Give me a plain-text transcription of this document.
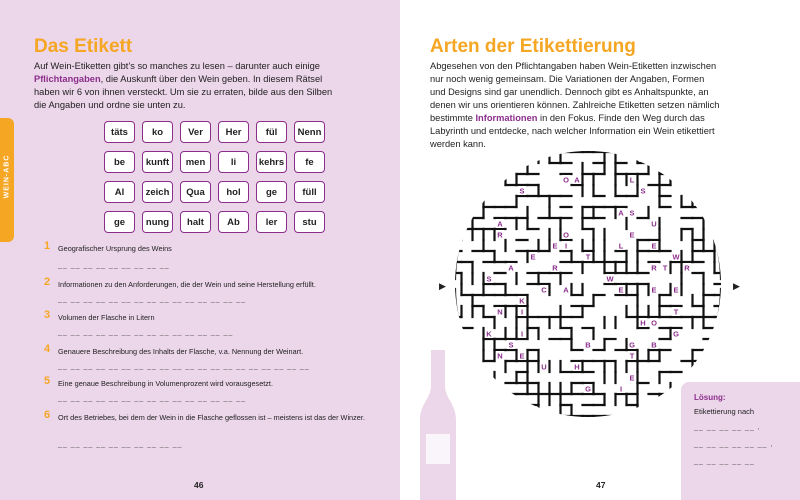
WEIN-ABC
Das Etikett
Auf Wein-Etiketten gibt’s so manches zu lesen – darunter auch einige
Pflichtangaben, die Auskunft über den Wein geben. In diesem Rätsel
haben wir 6 von ihnen versteckt. Um sie zu erraten, bilde aus den Silben
die Angaben und ordne sie unten zu.
täts	ko	Ver	Her	fül	Nenn
be	kunft	men	li	kehrs	fe
Al	zeich	Qua	hol	ge	füll
ge	nung	halt	Ab	ler	stu
1 Geografischer Ursprung des Weins
__ __ __ __ __ __ __ __ __
2 Informationen zu den Anforderungen, die der Wein und seine Herstellung erfüllt.
__ __ __ __ __ __ __ __ __ __ __ __ __ __ __
3 Volumen der Flasche in Litern
__ __ __ __ __ __ __ __ __ __ __ __ __ __
4 Genauere Beschreibung des Inhalts der Flasche, v.a. Nennung der Weinart.
__ __ __ __ __ __ __ __ __ __ __ __ __ __ __ __ __ __ __ __
5 Eine genaue Beschreibung in Volumenprozent wird vorausgesetzt.
__ __ __ __ __ __ __ __ __ __ __ __ __ __ __
6 Ort des Betriebes, bei dem der Wein in die Flasche geflossen ist – meistens ist das der Winzer.
__ __ __ __ __ __ __ __ __ __
46
Arten der Etikettierung
Abgesehen von den Pflichtangaben haben Wein-Etiketten inzwischen
nur noch wenig gemeinsam. Die Variationen der Angaben, Formen
und Designs sind gar unendlich. Dennoch gibt es Anhaltspunkte, an
denen wir uns orientieren können. Zahlreiche Etiketten setzen nämlich
bestimmte Informationen in den Fokus. Finde den Weg durch das
Labyrinth und entdecke, nach welcher Information ein Wein etikettiert
werden kann.
47
▶	▶
S
N
U
R
S
A
G
K
T
I
E
A
R
K
I
E
L
H
I
R
B
T
E
S
L
O
S
E
W
T
A
C
G
E
E
A
T	W
E
R
A
I
H
E
O
G
N
E
U
S
B
O
Lösung:
Etikettierung nach
__ __ __ __ __ ,
__ __ __ __ __ __ ,
__ __ __ __ __
